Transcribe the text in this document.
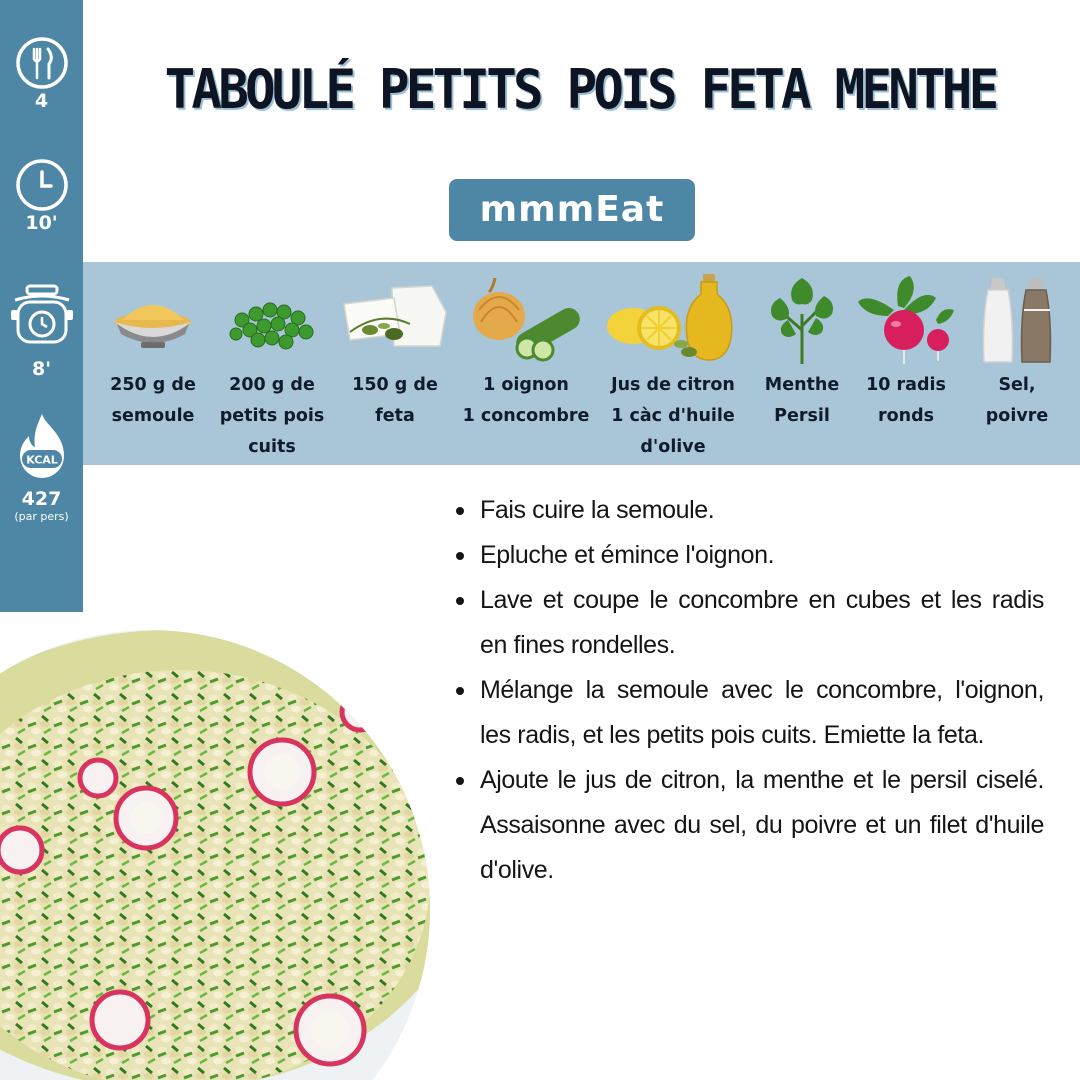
4
10'
8'
KCAL
427
(par pers)
TABOULÉ PETITS POIS FETA MENTHE
mmmEat
250 g de
semoule
200 g de
petits pois
cuits
150 g de
feta
1 oignon
1 concombre
Jus de citron
1 càc d'huile
d'olive
Menthe
Persil
10 radis
ronds
Sel,
poivre
Fais cuire la semoule.
Epluche et émince l'oignon.
Lave et coupe le concombre en cubes et les radis en fines rondelles.
Mélange la semoule avec le concombre, l'oignon, les radis, et les petits pois cuits. Emiette la feta.
Ajoute le jus de citron, la menthe et le persil ciselé. Assaisonne avec du sel, du poivre et un filet d'huile d'olive.
